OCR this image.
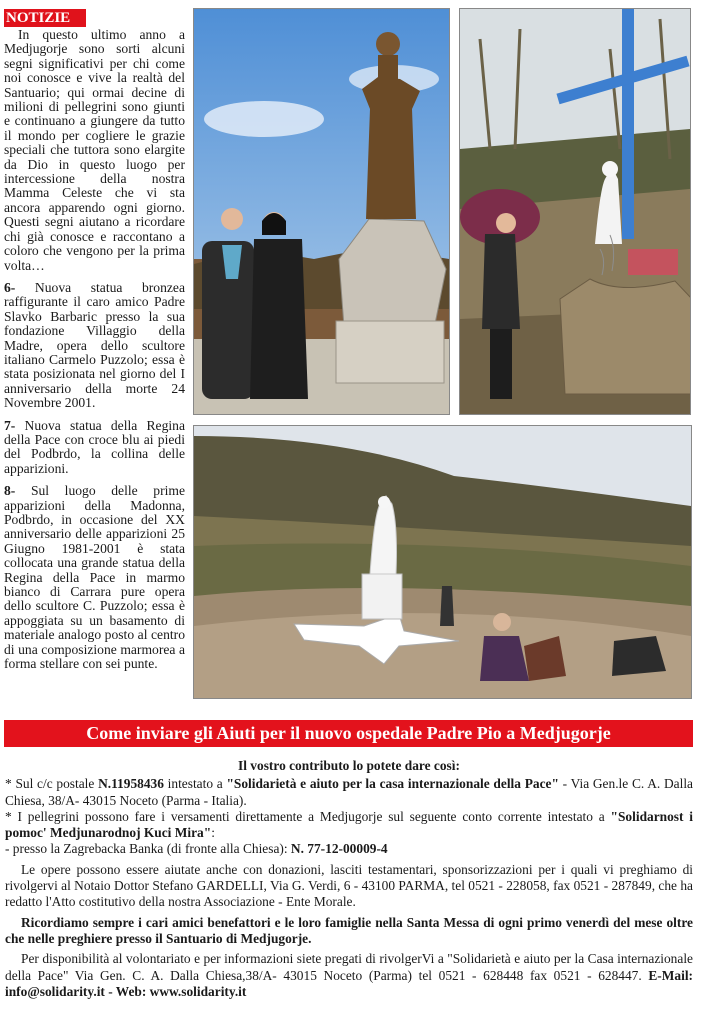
NOTIZIE

In questo ultimo anno a Medjugorje sono sorti alcuni segni significativi per chi come noi conosce e vive la realtà del Santuario; qui ormai decine di milioni di pellegrini sono giunti e continuano a giungere da tutto il mondo per cogliere le grazie speciali che tuttora sono elargite da Dio in questo luogo per intercessione della nostra Mamma Celeste che vi sta ancora apparendo ogni giorno. Questi segni aiutano a ricordare chi già conosce e raccontano a coloro che vengono per la prima volta…

6- Nuova statua bronzea raffigurante il caro amico Padre Slavko Barbaric presso la sua fondazione Villaggio della Madre, opera dello scultore italiano Carmelo Puzzolo; essa è stata posizionata nel giorno del I anniversario della morte 24 Novembre 2001.

7- Nuova statua della Regina della Pace con croce blu ai piedi del Podbrdo, la collina delle apparizioni.

8- Sul luogo delle prime apparizioni della Madonna, Podbrdo, in occasione del XX anniversario delle apparizioni 25 Giugno 1981-2001 è stata collocata una grande statua della Regina della Pace in marmo bianco di Carrara pure opera dello scultore C. Puzzolo; essa è appoggiata su un basamento di materiale analogo posto al centro di una composizione marmorea a forma stellare con sei punte.

Come inviare gli Aiuti per il nuovo ospedale Padre Pio a Medjugorje

Il vostro contributo lo potete dare così:

* Sul c/c postale N.11958436 intestato a "Solidarietà e aiuto per la casa internazionale della Pace" - Via Gen.le C. A. Dalla Chiesa, 38/A- 43015 Noceto (Parma - Italia).

* I pellegrini possono fare i versamenti direttamente a Medjugorje sul seguente conto corrente intestato a "Solidarnost i pomoc' Medjunarodnoj Kuci Mira":

- presso la Zagrebacka Banka (di fronte alla Chiesa): N. 77-12-00009-4

Le opere possono essere aiutate anche con donazioni, lasciti testamentari, sponsorizzazioni per i quali vi preghiamo di rivolgervi al Notaio Dottor Stefano GARDELLI, Via G. Verdi, 6 - 43100 PARMA, tel 0521 - 228058, fax 0521 - 287849, che ha redatto l'Atto costitutivo della nostra Associazione - Ente Morale.

Ricordiamo sempre i cari amici benefattori e le loro famiglie nella Santa Messa di ogni primo venerdì del mese oltre che nelle preghiere presso il Santuario di Medjugorje.

Per disponibilità al volontariato e per informazioni siete pregati di rivolgerVi a "Solidarietà e aiuto per la Casa internazionale della Pace" Via Gen. C. A. Dalla Chiesa,38/A- 43015 Noceto (Parma) tel 0521 - 628448 fax 0521 - 628447. E-Mail: info@solidarity.it - Web: www.solidarity.it
